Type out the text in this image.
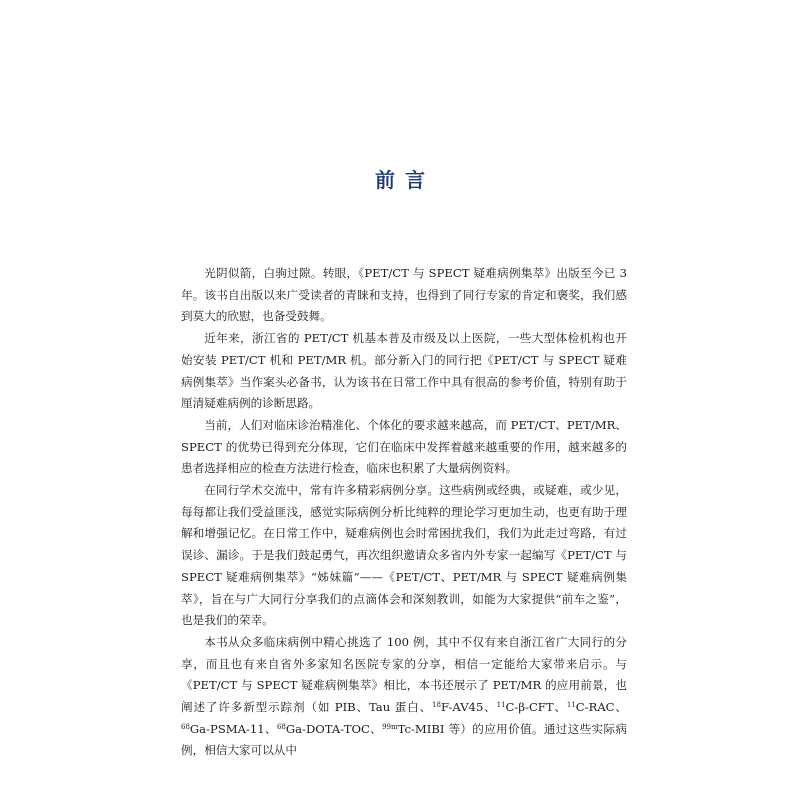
前言

光阴似箭，白驹过隙。转眼，《PET/CT 与 SPECT 疑难病例集萃》出版至今已 3 年。该书自出版以来广受读者的青睐和支持，也得到了同行专家的肯定和褒奖，我们感到莫大的欣慰，也备受鼓舞。

近年来，浙江省的 PET/CT 机基本普及市级及以上医院，一些大型体检机构也开始安装 PET/CT 机和 PET/MR 机。部分新入门的同行把《PET/CT 与 SPECT 疑难病例集萃》当作案头必备书，认为该书在日常工作中具有很高的参考价值，特别有助于厘清疑难病例的诊断思路。

当前，人们对临床诊治精准化、个体化的要求越来越高，而 PET/CT、PET/MR、SPECT 的优势已得到充分体现，它们在临床中发挥着越来越重要的作用，越来越多的患者选择相应的检查方法进行检查，临床也积累了大量病例资料。

在同行学术交流中，常有许多精彩病例分享。这些病例或经典，或疑难，或少见，每每都让我们受益匪浅，感觉实际病例分析比纯粹的理论学习更加生动，也更有助于理解和增强记忆。在日常工作中，疑难病例也会时常困扰我们，我们为此走过弯路，有过误诊、漏诊。于是我们鼓起勇气，再次组织邀请众多省内外专家一起编写《PET/CT 与 SPECT 疑难病例集萃》“姊妹篇”——《PET/CT、PET/MR 与 SPECT 疑难病例集萃》，旨在与广大同行分享我们的点滴体会和深刻教训，如能为大家提供“前车之鉴”，也是我们的荣幸。

本书从众多临床病例中精心挑选了 100 例，其中不仅有来自浙江省广大同行的分享，而且也有来自省外多家知名医院专家的分享，相信一定能给大家带来启示。与《PET/CT 与 SPECT 疑难病例集萃》相比，本书还展示了 PET/MR 的应用前景，也阐述了许多新型示踪剂（如 PIB、Tau 蛋白、$^{18}$F-AV45、$^{11}$C-β-CFT、$^{11}$C-RAC、$^{68}$Ga-PSMA-11、$^{68}$Ga-DOTA-TOC、$^{99m}$Tc-MIBI 等）的应用价值。通过这些实际病例，相信大家可以从中
